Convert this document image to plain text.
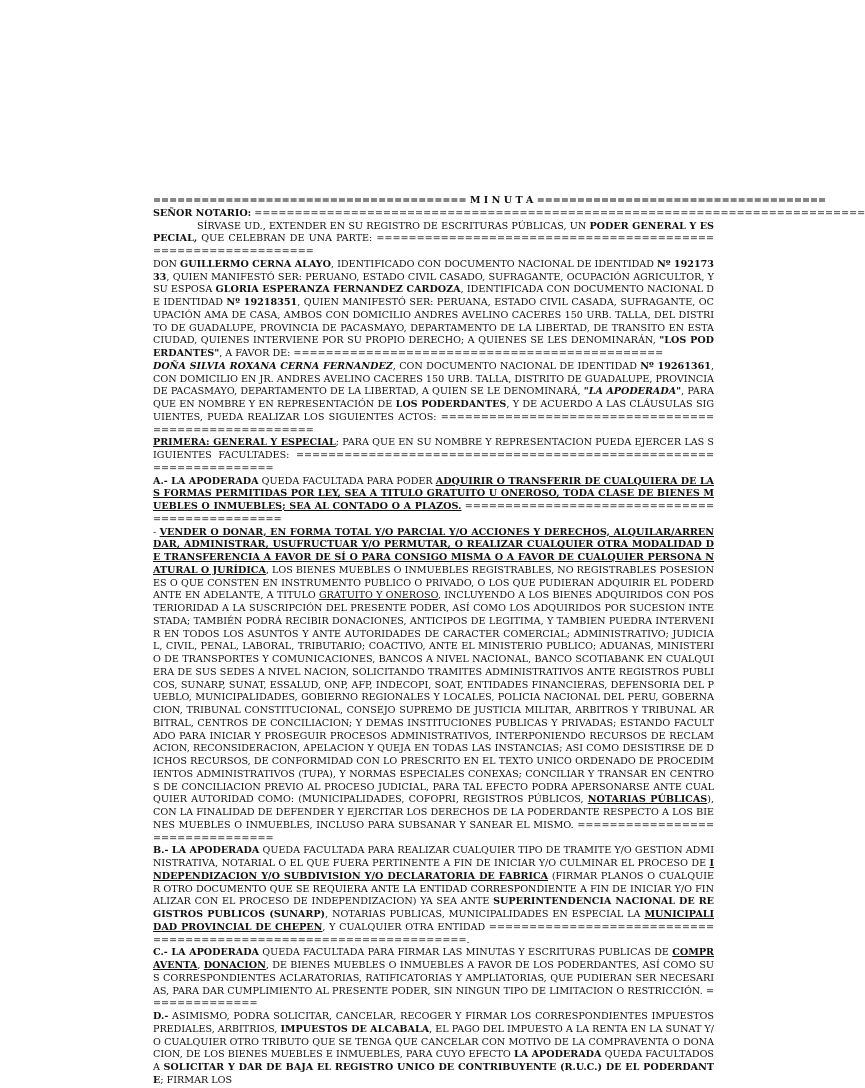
======================================= M I N U T A ====================================

SEÑOR NOTARIO: ============================================================================

SÍRVASE UD., EXTENDER EN SU REGISTRO DE ESCRITURAS PÚBLICAS, UN PODER GENERAL Y ESPECIAL, QUE CELEBRAN DE UNA PARTE: ==============================================================

DON GUILLERMO CERNA ALAYO, IDENTIFICADO CON DOCUMENTO NACIONAL DE IDENTIDAD Nº 19217333, QUIEN MANIFESTÓ SER: PERUANO, ESTADO CIVIL CASADO, SUFRAGANTE, OCUPACIÓN AGRICULTOR, Y SU ESPOSA GLORIA ESPERANZA FERNANDEZ CARDOZA, IDENTIFICADA CON DOCUMENTO NACIONAL DE IDENTIDAD Nº 19218351, QUIEN MANIFESTÓ SER: PERUANA, ESTADO CIVIL CASADA, SUFRAGANTE, OCUPACIÓN AMA DE CASA, AMBOS CON DOMICILIO ANDRES AVELINO CACERES 150 URB. TALLA, DEL DISTRITO DE GUADALUPE, PROVINCIA DE PACASMAYO, DEPARTAMENTO DE LA LIBERTAD, DE TRANSITO EN ESTA CIUDAD, QUIENES INTERVIENE POR SU PROPIO DERECHO; A QUIENES SE LES DENOMINARÁN, "LOS PODERDANTES", A FAVOR DE: ==============================================

DOÑA SILVIA ROXANA CERNA FERNANDEZ, CON DOCUMENTO NACIONAL DE IDENTIDAD Nº 19261361, CON DOMICILIO EN JR. ANDRES AVELINO CACERES 150 URB. TALLA, DISTRITO DE GUADALUPE, PROVINCIA DE PACASMAYO, DEPARTAMENTO DE LA LIBERTAD, A QUIEN SE LE DENOMINARÁ, "LA APODERADA", PARA QUE EN NOMBRE Y EN REPRESENTACIÓN DE LOS PODERDANTES, Y DE ACUERDO A LAS CLÁUSULAS SIGUIENTES, PUEDA REALIZAR LOS SIGUIENTES ACTOS: ======================================================

PRIMERA: GENERAL Y ESPECIAL; PARA QUE EN SU NOMBRE Y REPRESENTACION PUEDA EJERCER LAS SIGUIENTES FACULTADES: ===================================================================

A.- LA APODERADA QUEDA FACULTADA PARA PODER ADQUIRIR O TRANSFERIR DE CUALQUIERA DE LAS FORMAS PERMITIDAS POR LEY, SEA A TITULO GRATUITO U ONEROSO, TODA CLASE DE BIENES MUEBLES O INMUEBLES; SEA AL CONTADO O A PLAZOS. ===============================================

- VENDER O DONAR, EN FORMA TOTAL Y/O PARCIAL Y/O ACCIONES Y DERECHOS, ALQUILAR/ARRENDAR, ADMINISTRAR, USUFRUCTUAR Y/O PERMUTAR, O REALIZAR CUALQUIER OTRA MODALIDAD DE TRANSFERENCIA A FAVOR DE SÍ O PARA CONSIGO MISMA O A FAVOR DE CUALQUIER PERSONA NATURAL O JURÍDICA, LOS BIENES MUEBLES O INMUEBLES REGISTRABLES, NO REGISTRABLES POSESIONES O QUE CONSTEN EN INSTRUMENTO PUBLICO O PRIVADO, O LOS QUE PUDIERAN ADQUIRIR EL PODERDANTE EN ADELANTE, A TITULO GRATUITO Y ONEROSO, INCLUYENDO A LOS BIENES ADQUIRIDOS CON POSTERIORIDAD A LA SUSCRIPCIÓN DEL PRESENTE PODER, ASÍ COMO LOS ADQUIRIDOS POR SUCESION INTESTADA; TAMBIÉN PODRÁ RECIBIR DONACIONES, ANTICIPOS DE LEGITIMA, Y TAMBIEN PUEDRA INTERVENIR EN TODOS LOS ASUNTOS Y ANTE AUTORIDADES DE CARACTER COMERCIAL; ADMINISTRATIVO; JUDICIAL, CIVIL, PENAL, LABORAL, TRIBUTARIO; COACTIVO, ANTE EL MINISTERIO PUBLICO; ADUANAS, MINISTERIO DE TRANSPORTES Y COMUNICACIONES, BANCOS A NIVEL NACIONAL, BANCO SCOTIABANK EN CUALQUIERA DE SUS SEDES A NIVEL NACION, SOLICITANDO TRAMITES ADMINISTRATIVOS ANTE REGISTROS PUBLICOS, SUNARP, SUNAT, ESSALUD, ONP, AFP, INDECOPI, SOAT, ENTIDADES FINANCIERAS, DEFENSORIA DEL PUEBLO, MUNICIPALIDADES, GOBIERNO REGIONALES Y LOCALES, POLICIA NACIONAL DEL PERU, GOBERNACION, TRIBUNAL CONSTITUCIONAL, CONSEJO SUPREMO DE JUSTICIA MILITAR, ARBITROS Y TRIBUNAL ARBITRAL, CENTROS DE CONCILIACION; Y DEMAS INSTITUCIONES PUBLICAS Y PRIVADAS; ESTANDO FACULTADO PARA INICIAR Y PROSEGUIR PROCESOS ADMINISTRATIVOS, INTERPONIENDO RECURSOS DE RECLAMACION, RECONSIDERACION, APELACION Y QUEJA EN TODAS LAS INSTANCIAS; ASI COMO DESISTIRSE DE DICHOS RECURSOS, DE CONFORMIDAD CON LO PRESCRITO EN EL TEXTO UNICO ORDENADO DE PROCEDIMIENTOS ADMINISTRATIVOS (TUPA), Y NORMAS ESPECIALES CONEXAS; CONCILIAR Y TRANSAR EN CENTROS DE CONCILIACION PREVIO AL PROCESO JUDICIAL, PARA TAL EFECTO PODRA APERSONARSE ANTE CUALQUIER AUTORIDAD COMO: (MUNICIPALIDADES, COFOPRI, REGISTROS PÚBLICOS, NOTARIAS PÚBLICAS), CON LA FINALIDAD DE DEFENDER Y EJERCITAR LOS DERECHOS DE LA PODERDANTE RESPECTO A LOS BIENES MUEBLES O INMUEBLES, INCLUSO PARA SUBSANAR Y SANEAR EL MISMO. ================================

B.- LA APODERADA QUEDA FACULTADA PARA REALIZAR CUALQUIER TIPO DE TRAMITE Y/O GESTION ADMINISTRATIVA, NOTARIAL O EL QUE FUERA PERTINENTE A FIN DE INICIAR Y/O CULMINAR EL PROCESO DE INDEPENDIZACION Y/O SUBDIVISION Y/O DECLARATORIA DE FABRICA (FIRMAR PLANOS O CUALQUIER OTRO DOCUMENTO QUE SE REQUIERA ANTE LA ENTIDAD CORRESPONDIENTE A FIN DE INICIAR Y/O FINALIZAR CON EL PROCESO DE INDEPENDIZACION) YA SEA ANTE SUPERINTENDENCIA NACIONAL DE REGISTROS PUBLICOS (SUNARP), NOTARIAS PUBLICAS, MUNICIPALIDADES EN ESPECIAL LA MUNICIPALIDAD PROVINCIAL DE CHEPEN, Y CUALQUIER OTRA ENTIDAD ===================================================================.

C.- LA APODERADA QUEDA FACULTADA PARA FIRMAR LAS MINUTAS Y ESCRITURAS PUBLICAS DE COMPRAVENTA, DONACION, DE BIENES MUEBLES O INMUEBLES A FAVOR DE LOS PODERDANTES, ASÍ COMO SUS CORRESPONDIENTES ACLARATORIAS, RATIFICATORIAS Y AMPLIATORIAS, QUE PUDIERAN SER NECESARIAS, PARA DAR CUMPLIMIENTO AL PRESENTE PODER, SIN NINGUN TIPO DE LIMITACION O RESTRICCIÓN. ==============

D.- ASIMISMO, PODRA SOLICITAR, CANCELAR, RECOGER Y FIRMAR LOS CORRESPONDIENTES IMPUESTOS PREDIALES, ARBITRIOS, IMPUESTOS DE ALCABALA, EL PAGO DEL IMPUESTO A LA RENTA EN LA SUNAT Y/O CUALQUIER OTRO TRIBUTO QUE SE TENGA QUE CANCELAR CON MOTIVO DE LA COMPRAVENTA O DONACION, DE LOS BIENES MUEBLES E INMUEBLES, PARA CUYO EFECTO LA APODERADA QUEDA FACULTADOS A SOLICITAR Y DAR DE BAJA EL REGISTRO UNICO DE CONTRIBUYENTE (R.U.C.) DE EL PODERDANTE; FIRMAR LOS
